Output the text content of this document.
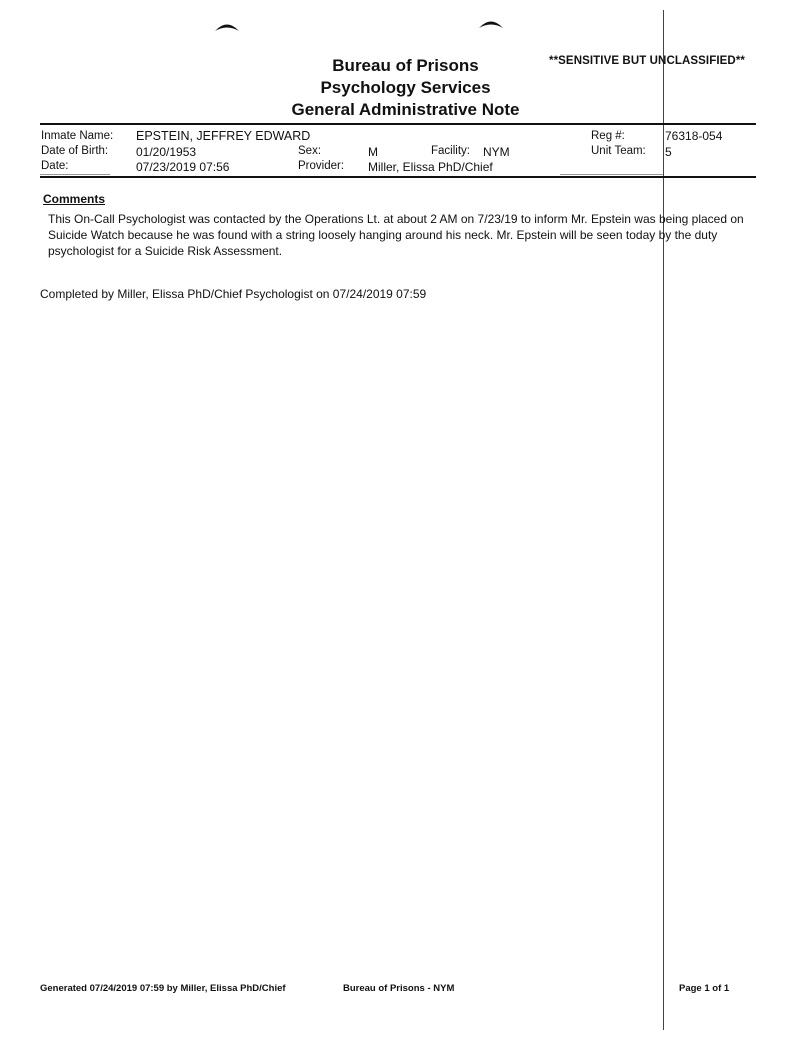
Bureau of Prisons
Psychology Services
General Administrative Note
**SENSITIVE BUT UNCLASSIFIED**
Inmate Name: EPSTEIN, JEFFREY EDWARD	Reg #:	76318-054
Date of Birth: 01/20/1953	Sex:	M	Facility: NYM	Unit Team: 5
Date:	07/23/2019 07:56	Provider: Miller, Elissa PhD/Chief
Comments
This On-Call Psychologist was contacted by the Operations Lt. at about 2 AM on 7/23/19 to inform Mr. Epstein was being placed on Suicide Watch because he was found with a string loosely hanging around his neck. Mr. Epstein will be seen today by the duty psychologist for a Suicide Risk Assessment.
Completed by Miller, Elissa PhD/Chief Psychologist on 07/24/2019 07:59
Generated 07/24/2019 07:59 by Miller, Elissa PhD/Chief	Bureau of Prisons - NYM	Page 1 of 1
